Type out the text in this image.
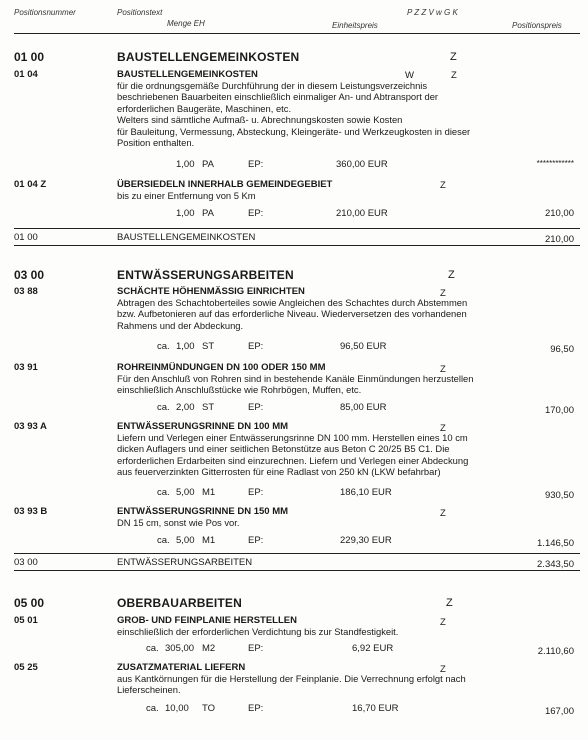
Positionsnummer	Positionstext
Menge EH
P Z Z V w G K
Einheitspreis	Positionspreis
01 00	BAUSTELLENGEMEINKOSTEN	Z
01 04	BAUSTELLENGEMEINKOSTEN	W	Z
für die ordnungsgemäße Durchführung der in diesem Leistungsverzeichnis
beschriebenen Bauarbeiten einschließlich einmaliger An- und Abtransport der
erforderlichen Baugeräte, Maschinen, etc.
Welters sind sämtliche Aufmaß- u. Abrechnungskosten sowie Kosten
für Bauleitung, Vermessung, Absteckung, Kleingeräte- und Werkzeugkosten in dieser
Position enthalten.
1,00 PA	EP:	360,00 EUR	************
01 04 Z	ÜBERSIEDELN INNERHALB GEMEINDEGEBIET	Z
bis zu einer Entfernung von 5 Km
1,00 PA	EP:	210,00 EUR	210,00
01 00	BAUSTELLENGEMEINKOSTEN	210,00
03 00	ENTWÄSSERUNGSARBEITEN	Z
03 88	SCHÄCHTE HÖHENMÄSSIG EINRICHTEN	Z
Abtragen des Schachtoberteiles sowie Angleichen des Schachtes durch Abstemmen
bzw. Aufbetonieren auf das erforderliche Niveau. Wiederversetzen des vorhandenen
Rahmens und der Abdeckung.
ca. 1,00 ST	EP:	96,50 EUR	96,50
03 91	ROHREINMÜNDUNGEN DN 100 ODER 150 MM	Z
Für den Anschluß von Rohren sind in bestehende Kanäle Einmündungen herzustellen
einschließlich Anschlußstücke wie Rohrbögen, Muffen, etc.
ca. 2,00 ST	EP:	85,00 EUR	170,00
03 93 A	ENTWÄSSERUNGSRINNE DN 100 MM	Z
Liefern und Verlegen einer Entwässerungsrinne DN 100 mm. Herstellen eines 10 cm
dicken Auflagers und einer seitlichen Betonstütze aus Beton C 20/25 B5 C1. Die
erforderlichen Erdarbeiten sind einzurechnen. Liefern und Verlegen einer Abdeckung
aus feuerverzinkten Gitterrosten für eine Radlast von 250 kN (LKW befahrbar)
ca. 5,00 M1	EP:	186,10 EUR	930,50
03 93 B	ENTWÄSSERUNGSRINNE DN 150 MM	Z
DN 15 cm, sonst wie Pos vor.
ca. 5,00 M1	EP:	229,30 EUR	1.146,50
03 00	ENTWÄSSERUNGSARBEITEN	2.343,50
05 00	OBERBAUARBEITEN	Z
05 01	GROB- UND FEINPLANIE HERSTELLEN	Z
einschließlich der erforderlichen Verdichtung bis zur Standfestigkeit.
ca. 305,00 M2	EP:	6,92 EUR	2.110,60
05 25	ZUSATZMATERIAL LIEFERN	Z
aus Kantkörnungen für die Herstellung der Feinplanie. Die Verrechnung erfolgt nach
Lieferscheinen.
ca. 10,00 TO	EP:	16,70 EUR	167,00
